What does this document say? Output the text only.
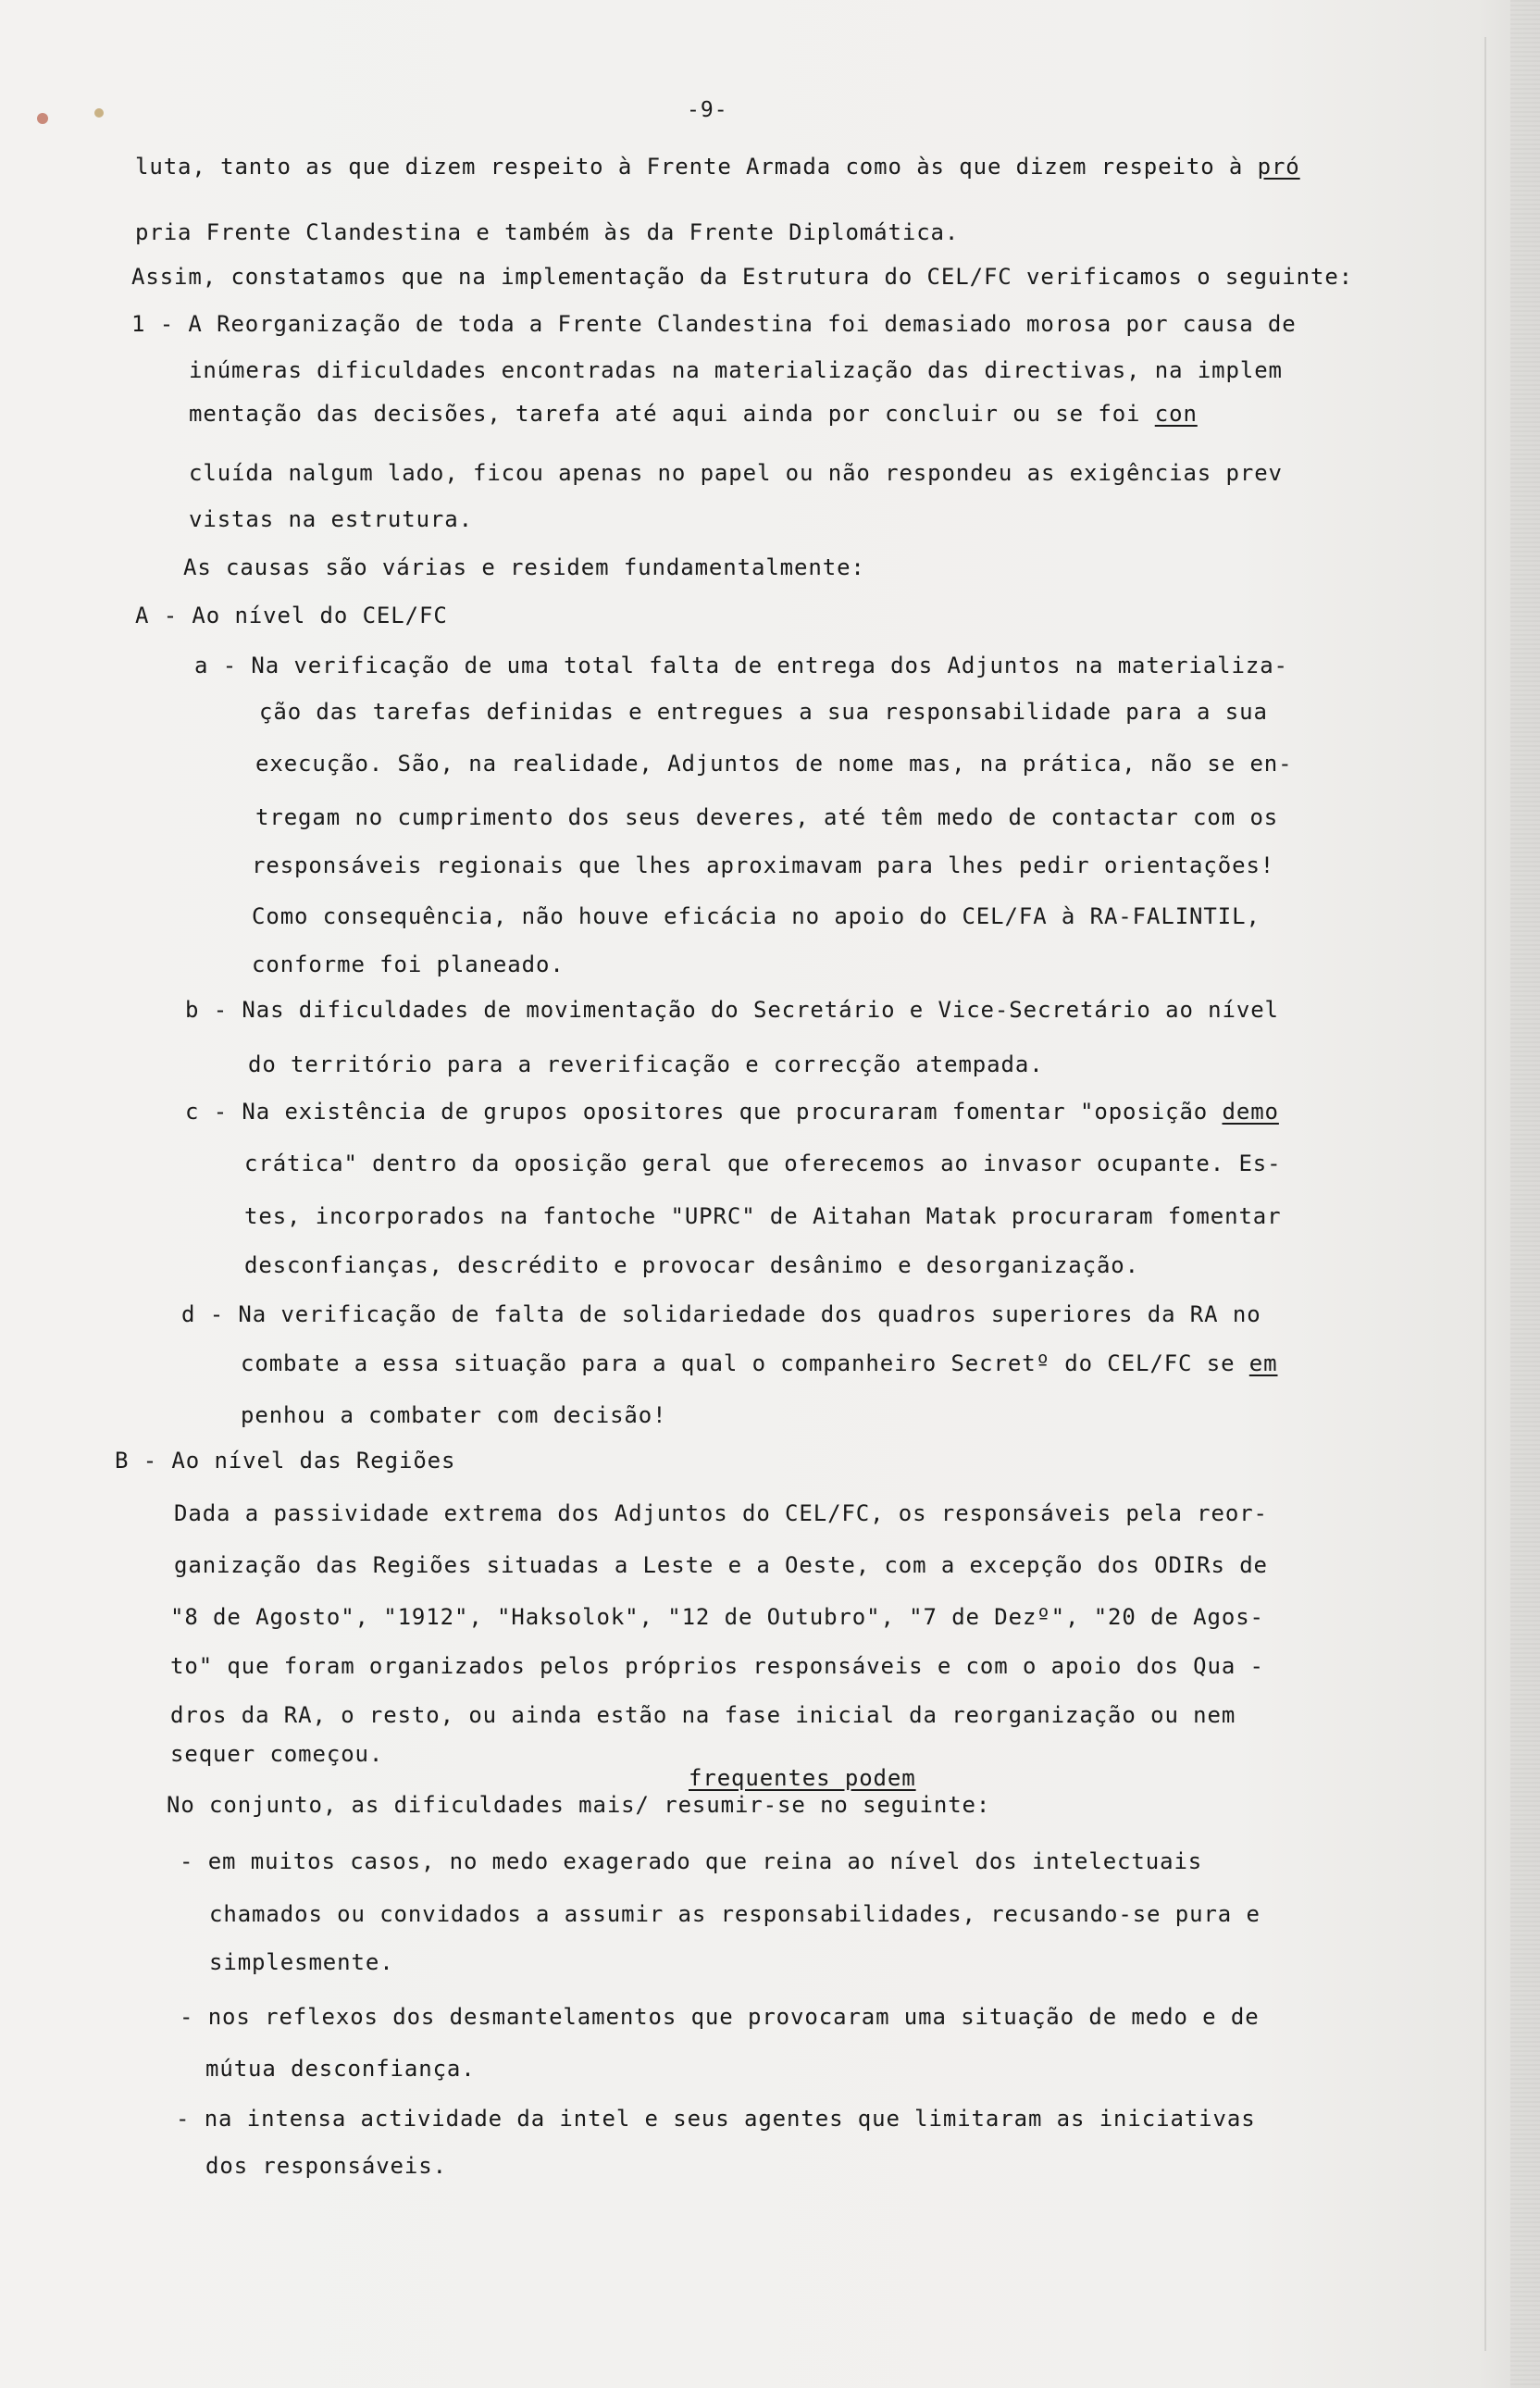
-9-
luta, tanto as que dizem respeito à Frente Armada como às que dizem respeito à pró
pria Frente Clandestina e também às da Frente Diplomática.
Assim, constatamos que na implementação da Estrutura do CEL/FC verificamos o seguinte:
1 - A Reorganização de toda a Frente Clandestina foi demasiado morosa por causa de
inúmeras dificuldades encontradas na materialização das directivas, na implem
mentação das decisões, tarefa até aqui ainda por concluir ou se foi con
cluída nalgum lado, ficou apenas no papel ou não respondeu as exigências prev
vistas na estrutura.
As causas são várias e residem fundamentalmente:
A - Ao nível do CEL/FC
a - Na verificação de uma total falta de entrega dos Adjuntos na materializa-
ção das tarefas definidas e entregues a sua responsabilidade para a sua
execução. São, na realidade, Adjuntos de nome mas, na prática, não se en-
tregam no cumprimento dos seus deveres, até têm medo de contactar com os
responsáveis regionais que lhes aproximavam para lhes pedir orientações!
Como consequência, não houve eficácia no apoio do CEL/FA à RA-FALINTIL,
conforme foi planeado.
b - Nas dificuldades de movimentação do Secretário e Vice-Secretário ao nível
do território para a reverificação e correcção atempada.
c - Na existência de grupos opositores que procuraram fomentar "oposição demo
crática" dentro da oposição geral que oferecemos ao invasor ocupante. Es-
tes, incorporados na fantoche "UPRC" de Aitahan Matak procuraram fomentar
desconfianças, descrédito e provocar desânimo e desorganização.
d - Na verificação de falta de solidariedade dos quadros superiores da RA no
combate a essa situação para a qual o companheiro Secretº do CEL/FC se em
penhou a combater com decisão!
B - Ao nível das Regiões
Dada a passividade extrema dos Adjuntos do CEL/FC, os responsáveis pela reor-
ganização das Regiões situadas a Leste e a Oeste, com a excepção dos ODIRs de
"8 de Agosto", "1912", "Haksolok", "12 de Outubro", "7 de Dezº", "20 de Agos-
to" que foram organizados pelos próprios responsáveis e com o apoio dos Qua -
dros da RA, o resto, ou ainda estão na fase inicial da reorganização ou nem
sequer começou.
frequentes podem
No conjunto, as dificuldades mais/ resumir-se no seguinte:
- em muitos casos, no medo exagerado que reina ao nível dos intelectuais
chamados ou convidados a assumir as responsabilidades, recusando-se pura e
simplesmente.
- nos reflexos dos desmantelamentos que provocaram uma situação de medo e de
mútua desconfiança.
- na intensa actividade da intel e seus agentes que limitaram as iniciativas
dos responsáveis.
